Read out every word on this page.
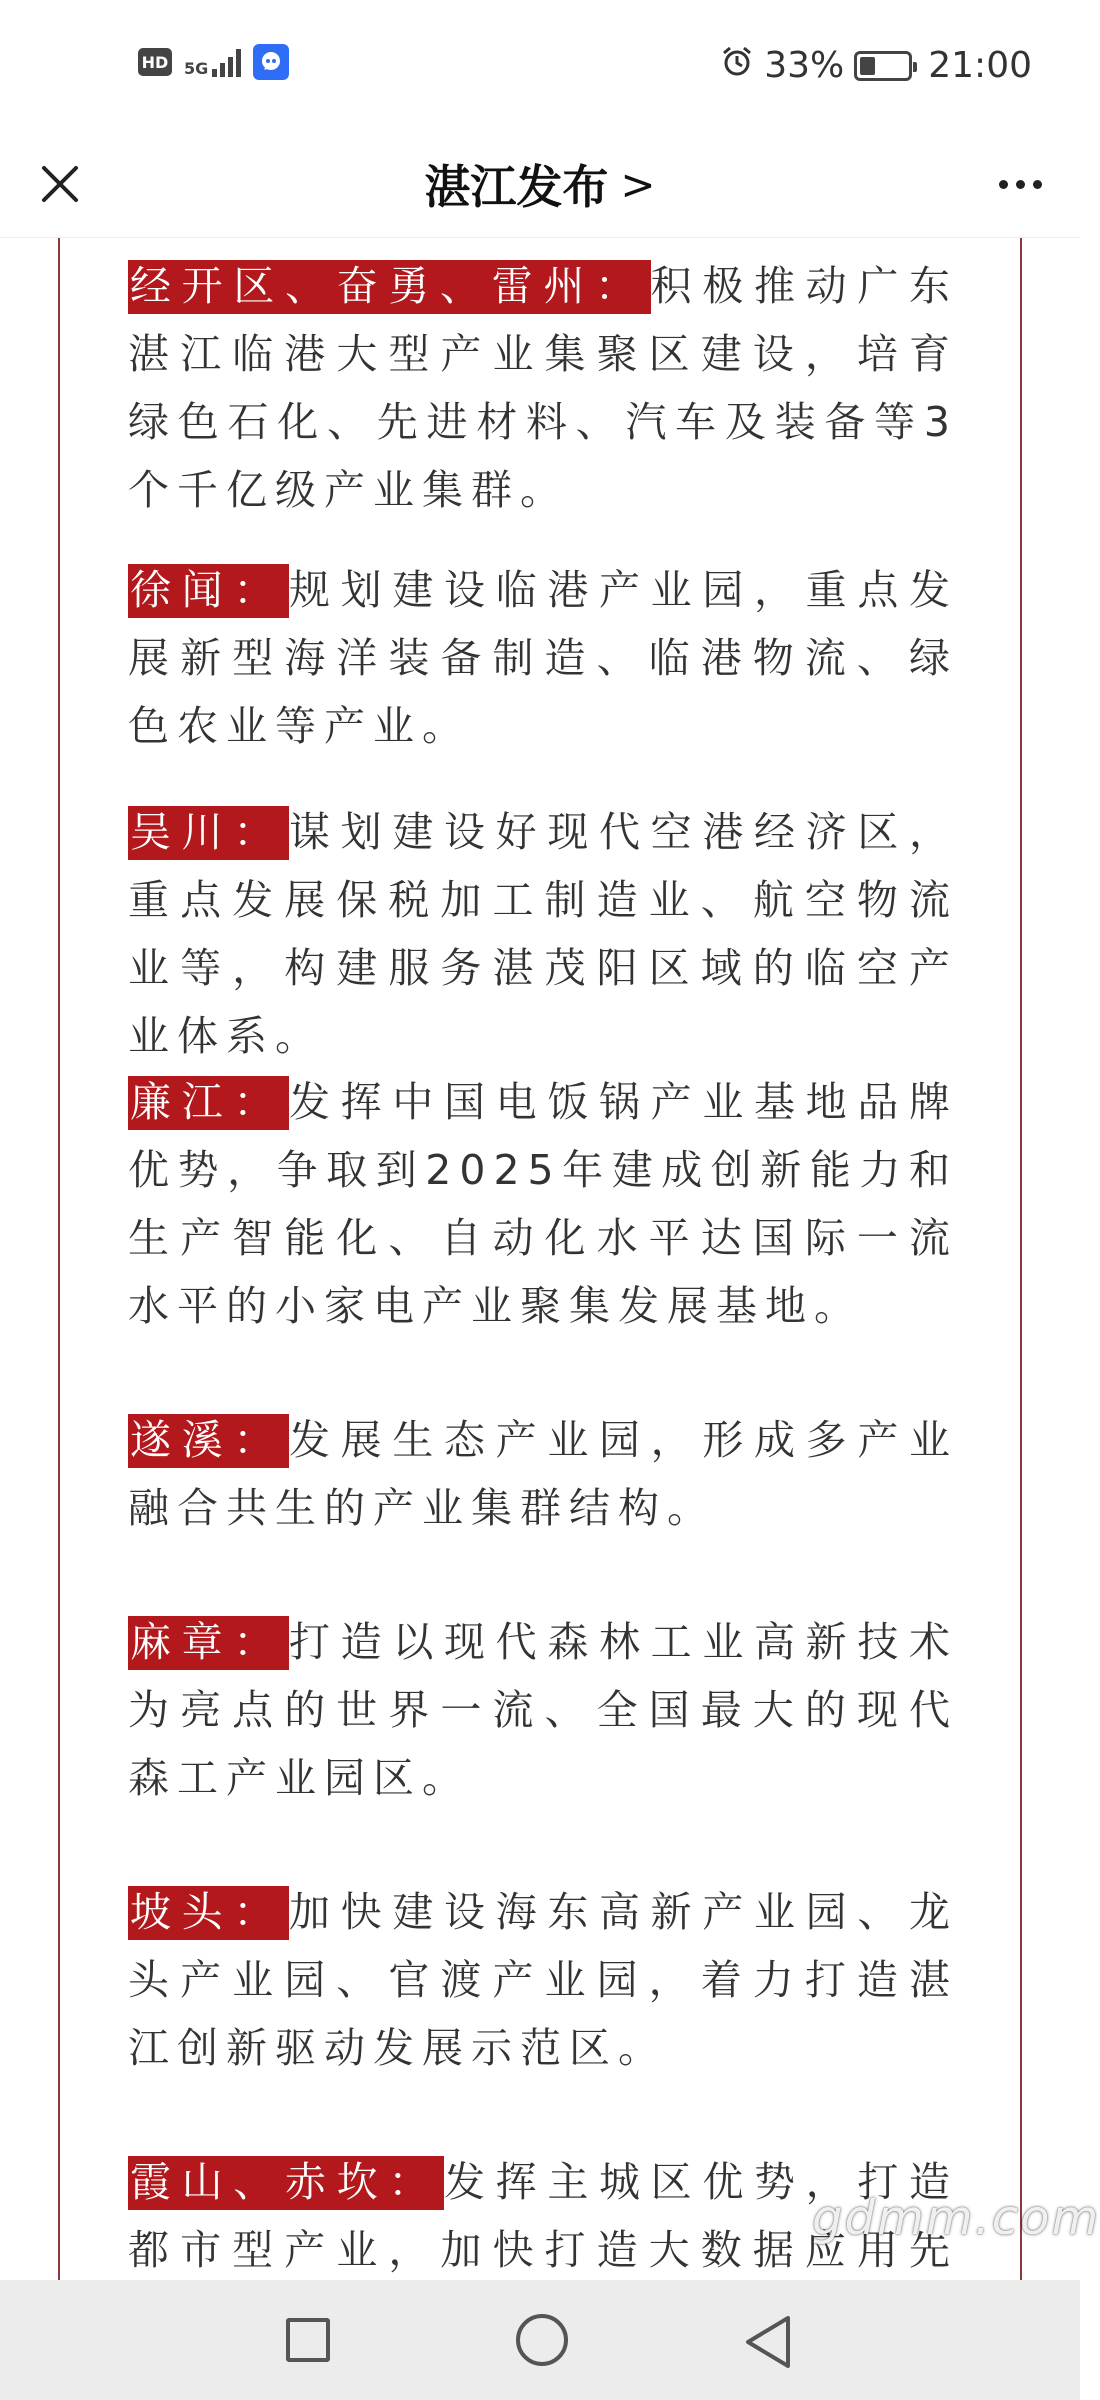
HD 5G	33% 21:00
湛江发布 >

经开区、奋勇、雷州：积极推动广东湛江临港大型产业集聚区建设，培育绿色石化、先进材料、汽车及装备等3个千亿级产业集群。

徐闻：规划建设临港产业园，重点发展新型海洋装备制造、临港物流、绿色农业等产业。

吴川：谋划建设好现代空港经济区，重点发展保税加工制造业、航空物流业等，构建服务湛茂阳区域的临空产业体系。

廉江：发挥中国电饭锅产业基地品牌优势，争取到2025年建成创新能力和生产智能化、自动化水平达国际一流水平的小家电产业聚集发展基地。

遂溪：发展生态产业园，形成多产业融合共生的产业集群结构。

麻章：打造以现代森林工业高新技术为亮点的世界一流、全国最大的现代森工产业园区。

坡头：加快建设海东高新产业园、龙头产业园、官渡产业园，着力打造湛江创新驱动发展示范区。

霞山、赤坎：发挥主城区优势，打造都市型产业，加快打造大数据应用先

gdmm.com
